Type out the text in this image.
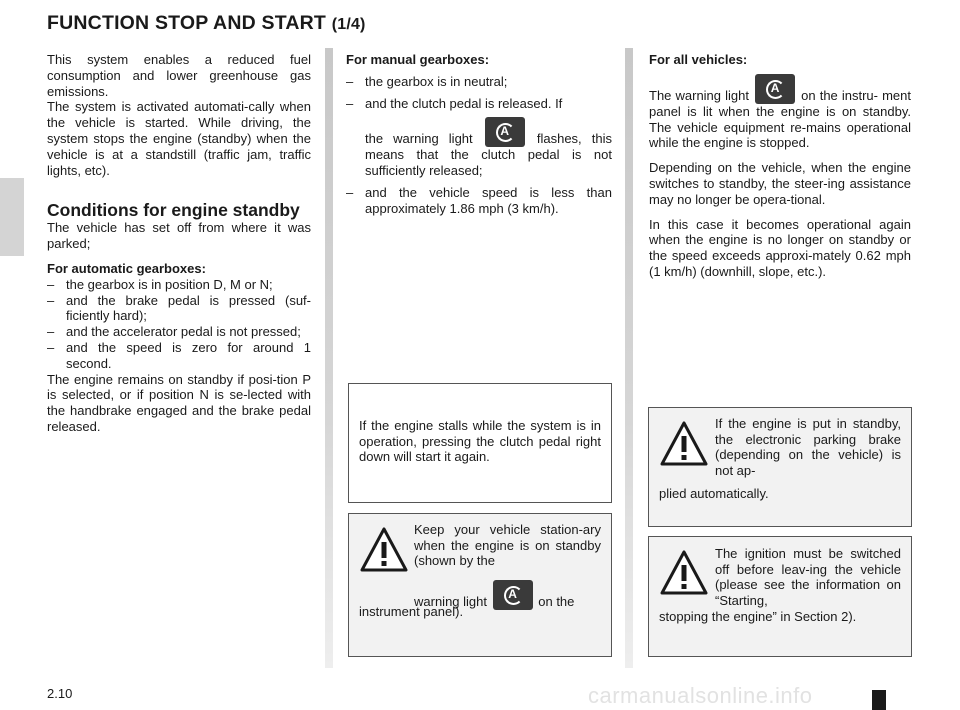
FUNCTION STOP AND START (1/4)

This system enables a reduced fuel consumption and lower greenhouse gas emissions.

The system is activated automati-cally when the vehicle is started. While driving, the system stops the engine (standby) when the vehicle is at a standstill (traffic jam, traffic lights, etc).

Conditions for engine standby

The vehicle has set off from where it was parked;

For automatic gearboxes:

– the gearbox is in position D, M or N;
– and the brake pedal is pressed (suf-ficiently hard);
– and the accelerator pedal is not pressed;
– and the speed is zero for around 1 second.

The engine remains on standby if posi-tion P is selected, or if position N is se-lected with the handbrake engaged and the brake pedal released.

For manual gearboxes:

– the gearbox is in neutral;
– and the clutch pedal is released. If
the warning light	A	flashes, this means that the clutch pedal is not sufficiently released;
– and the vehicle speed is less than approximately 1.86 mph (3 km/h).
If the engine stalls while the system is in operation, pressing the clutch pedal right down will start it again.
Keep your vehicle station-ary when the engine is on standby (shown by the
warning light	A	on the
instrument panel).

For all vehicles:

The warning light	A	on the instru- ment panel is lit when the engine is on standby. The vehicle equipment re-mains operational while the engine is stopped.

Depending on the vehicle, when the engine switches to standby, the steer-ing assistance may no longer be opera-tional.

In this case it becomes operational again when the engine is no longer on standby or the speed exceeds approxi-mately 0.62 mph (1 km/h) (downhill, slope, etc.).

If the engine is put in standby, the electronic parking brake (depending on the vehicle) is not ap-
plied automatically.
The ignition must be switched off before leav-ing the vehicle (please see the information on “Starting,
stopping the engine” in Section 2).
2.10	carmanualsonline.info
